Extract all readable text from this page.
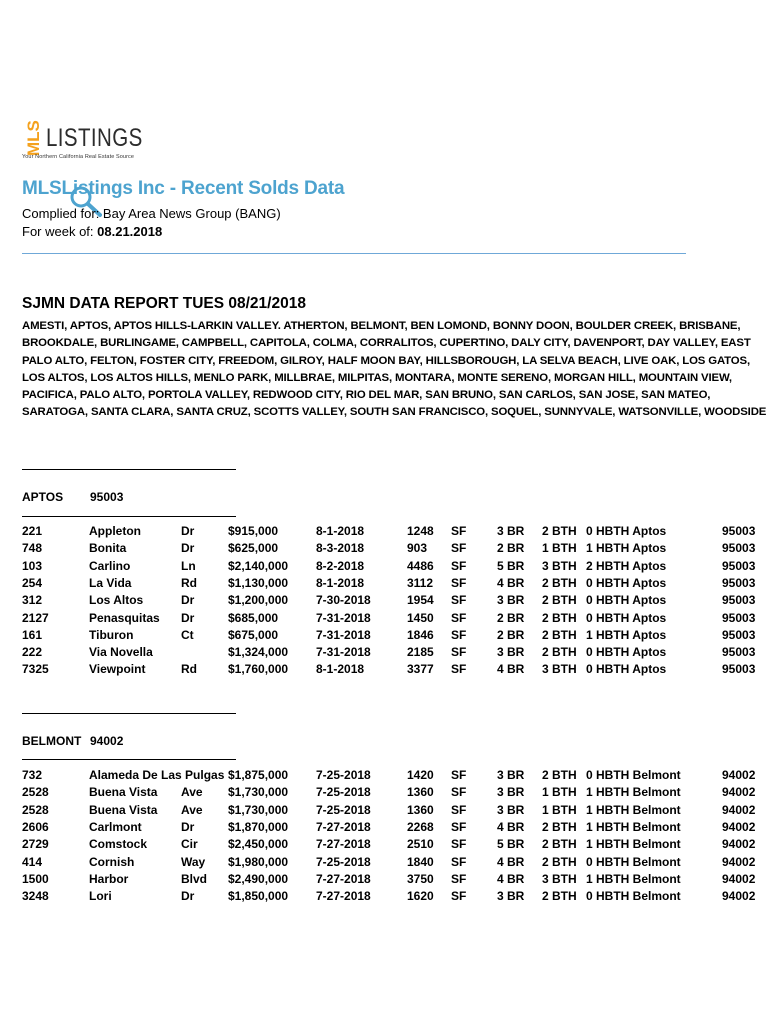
MLS LISTINGS
Your Northern California Real Estate Source
MLSListings Inc - Recent Solds Data
Complied for: Bay Area News Group (BANG)
For week of: 08.21.2018
SJMN DATA REPORT TUES 08/21/2018
AMESTI, APTOS, APTOS HILLS-LARKIN VALLEY. ATHERTON, BELMONT, BEN LOMOND, BONNY DOON, BOULDER CREEK, BRISBANE, BROOKDALE, BURLINGAME, CAMPBELL, CAPITOLA, COLMA, CORRALITOS, CUPERTINO, DALY CITY, DAVENPORT, DAY VALLEY, EAST PALO ALTO, FELTON, FOSTER CITY, FREEDOM, GILROY, HALF MOON BAY, HILLSBOROUGH, LA SELVA BEACH, LIVE OAK, LOS GATOS, LOS ALTOS, LOS ALTOS HILLS, MENLO PARK, MILLBRAE, MILPITAS, MONTARA, MONTE SERENO, MORGAN HILL, MOUNTAIN VIEW, PACIFICA, PALO ALTO, PORTOLA VALLEY, REDWOOD CITY, RIO DEL MAR, SAN BRUNO, SAN CARLOS, SAN JOSE, SAN MATEO, SARATOGA, SANTA CLARA, SANTA CRUZ, SCOTTS VALLEY, SOUTH SAN FRANCISCO, SOQUEL, SUNNYVALE, WATSONVILLE, WOODSIDE
APTOS 95003
221	Appleton	Dr	$915,000	8-1-2018	1248 SF	3 BR 2 BTH 0 HBTH Aptos	95003
748	Bonita	Dr	$625,000	8-3-2018	903 SF	2 BR 1 BTH 1 HBTH Aptos	95003
103	Carlino	Ln	$2,140,000 8-2-2018	4486 SF	5 BR 3 BTH 2 HBTH Aptos	95003
254	La Vida	Rd	$1,130,000 8-1-2018	3112 SF	4 BR 2 BTH 0 HBTH Aptos	95003
312	Los Altos	Dr	$1,200,000 7-30-2018	1954 SF	3 BR 2 BTH 0 HBTH Aptos	95003
2127	Penasquitas Dr	$685,000	7-31-2018	1450 SF	2 BR 2 BTH 0 HBTH Aptos	95003
161	Tiburon	Ct	$675,000	7-31-2018	1846 SF	2 BR 2 BTH 1 HBTH Aptos	95003
222	Via Novella	$1,324,000 7-31-2018	2185 SF	3 BR 2 BTH 0 HBTH Aptos	95003
7325	Viewpoint	Rd	$1,760,000 8-1-2018	3377 SF	4 BR 3 BTH 0 HBTH Aptos	95003
BELMONT 94002
732	Alameda De Las Pulgas $1,875,000 7-25-2018	1420 SF	3 BR 2 BTH 0 HBTH Belmont	94002
2528	Buena Vista Ave $1,730,000 7-25-2018	1360 SF	3 BR 1 BTH 1 HBTH Belmont	94002
2528	Buena Vista Ave $1,730,000 7-25-2018	1360 SF	3 BR 1 BTH 1 HBTH Belmont	94002
2606	Carlmont	Dr	$1,870,000 7-27-2018	2268 SF	4 BR 2 BTH 1 HBTH Belmont	94002
2729	Comstock	Cir	$2,450,000 7-27-2018	2510 SF	5 BR 2 BTH 1 HBTH Belmont	94002
414	Cornish	Way $1,980,000 7-25-2018	1840 SF	4 BR 2 BTH 0 HBTH Belmont	94002
1500	Harbor	Blvd $2,490,000 7-27-2018	3750 SF	4 BR 3 BTH 1 HBTH Belmont	94002
3248	Lori	Dr	$1,850,000 7-27-2018	1620 SF	3 BR 2 BTH 0 HBTH Belmont	94002
